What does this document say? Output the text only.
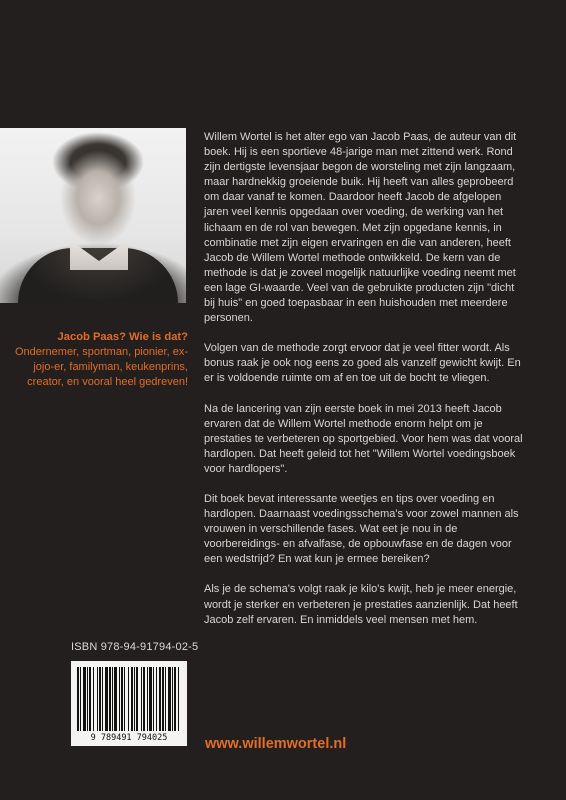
Jacob Paas? Wie is dat?
Ondernemer, sportman, pionier, ex-jojo-er, familyman, keukenprins, creator, en vooral heel gedreven!

Willem Wortel is het alter ego van Jacob Paas, de auteur van dit boek. Hij is een sportieve 48-jarige man met zittend werk. Rond zijn dertigste levensjaar begon de worsteling met zijn langzaam, maar hardnekkig groeiende buik. Hij heeft van alles geprobeerd om daar vanaf te komen. Daardoor heeft Jacob de afgelopen jaren veel kennis opgedaan over voeding, de werking van het lichaam en de rol van bewegen. Met zijn opgedane kennis, in combinatie met zijn eigen ervaringen en die van anderen, heeft Jacob de Willem Wortel methode ontwikkeld. De kern van de methode is dat je zoveel mogelijk natuurlijke voeding neemt met een lage GI-waarde. Veel van de gebruikte producten zijn "dicht bij huis" en goed toepasbaar in een huishouden met meerdere personen.

Volgen van de methode zorgt ervoor dat je veel fitter wordt. Als bonus raak je ook nog eens zo goed als vanzelf gewicht kwijt. En er is voldoende ruimte om af en toe uit de bocht te vliegen.

Na de lancering van zijn eerste boek in mei 2013 heeft Jacob ervaren dat de Willem Wortel methode enorm helpt om je prestaties te verbeteren op sportgebied. Voor hem was dat vooral hardlopen. Dat heeft geleid tot het "Willem Wortel voedingsboek voor hardlopers".

Dit boek bevat interessante weetjes en tips over voeding en hardlopen. Daarnaast voedingsschema's voor zowel mannen als vrouwen in verschillende fases. Wat eet je nou in de voorbereidings- en afvalfase, de opbouwfase en de dagen voor een wedstrijd? En wat kun je ermee bereiken?

Als je de schema's volgt raak je kilo's kwijt, heb je meer energie, wordt je sterker en verbeteren je prestaties aanzienlijk. Dat heeft Jacob zelf ervaren. En inmiddels veel mensen met hem.

ISBN 978-94-91794-02-5
9 789491 794025	www.willemwortel.nl
